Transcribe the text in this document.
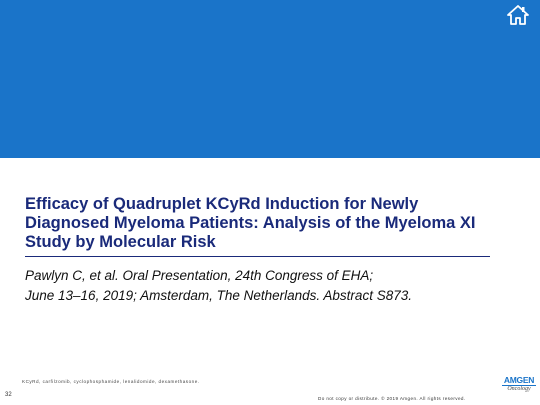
Efficacy of Quadruplet KCyRd Induction for Newly Diagnosed Myeloma Patients: Analysis of the Myeloma XI Study by Molecular Risk

Pawlyn C, et al. Oral Presentation, 24th Congress of EHA;
June 13–16, 2019; Amsterdam, The Netherlands. Abstract S873.

KCyRd, carfilzomib, cyclophosphamide, lenalidomide, dexamethasone.
32
Do not copy or distribute. © 2019 Amgen. All rights reserved.
AMGEN
Oncology
